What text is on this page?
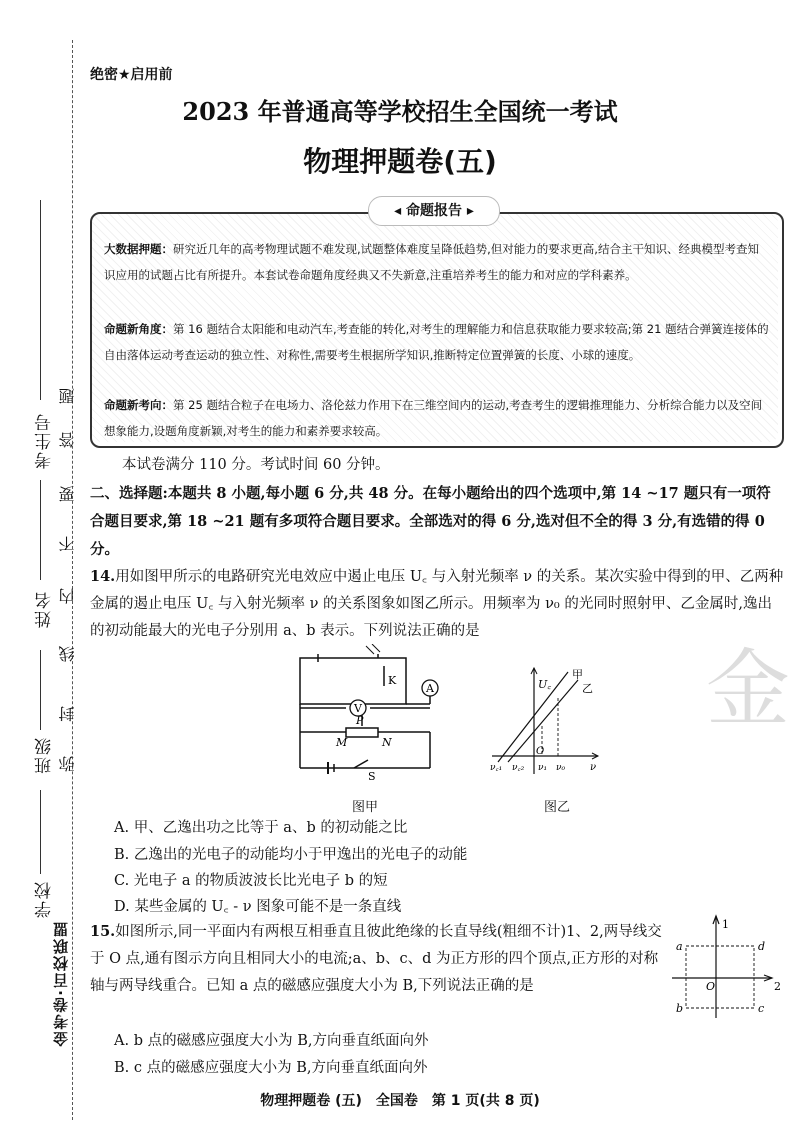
考生号
姓名
班级
学校
金考卷·百校联盟
题
答
要
不
内
线
封
弥
绝密★启用前
2023 年普通高等学校招生全国统一考试
物理押题卷(五)
◂ 命题报告 ▸
大数据押题：研究近几年的高考物理试题不难发现,试题整体难度呈降低趋势,但对能力的要求更高,结合主干知识、经典模型考查知识应用的试题占比有所提升。本套试卷命题角度经典又不失新意,注重培养考生的能力和对应的学科素养。
命题新角度：第 16 题结合太阳能和电动汽车,考查能的转化,对考生的理解能力和信息获取能力要求较高;第 21 题结合弹簧连接体的自由落体运动考查运动的独立性、对称性,需要考生根据所学知识,推断特定位置弹簧的长度、小球的速度。
命题新考向：第 25 题结合粒子在电场力、洛伦兹力作用下在三维空间内的运动,考查考生的逻辑推理能力、分析综合能力以及空间想象能力,设题角度新颖,对考生的能力和素养要求较高。
本试卷满分 110 分。考试时间 60 分钟。
二、选择题:本题共 8 小题,每小题 6 分,共 48 分。在每小题给出的四个选项中,第 14 ~17 题只有一项符合题目要求,第 18 ~21 题有多项符合题目要求。全部选对的得 6 分,选对但不全的得 3 分,有选错的得 0 分。
14.用如图甲所示的电路研究光电效应中遏止电压 U꜀ 与入射光频率 ν 的关系。某次实验中得到的甲、乙两种金属的遏止电压 U꜀ 与入射光频率 ν 的关系图象如图乙所示。用频率为 ν₀ 的光同时照射甲、乙金属时,逸出的初动能最大的光电子分别用 a、b 表示。下列说法正确的是
V
A
K
P
M	N
S
图甲
U꜀
甲
乙
O
ν꜀₁ ν꜀₂ ν₁ ν₀ ν
图乙
金
A. 甲、乙逸出功之比等于 a、b 的初动能之比
B. 乙逸出的光电子的动能均小于甲逸出的光电子的动能
C. 光电子 a 的物质波波长比光电子 b 的短
D. 某些金属的 U꜀ - ν 图象可能不是一条直线
15.如图所示,同一平面内有两根互相垂直且彼此绝缘的长直导线(粗细不计)1、2,两导线交于 O 点,通有图示方向且相同大小的电流;a、b、c、d 为正方形的四个顶点,正方形的对称轴与两导线重合。已知 a 点的磁感应强度大小为 B,下列说法正确的是
1
2
O
a	d
b	c
A. b 点的磁感应强度大小为 B,方向垂直纸面向外
B. c 点的磁感应强度大小为 B,方向垂直纸面向外
物理押题卷 (五)　全国卷　第 1 页(共 8 页)
